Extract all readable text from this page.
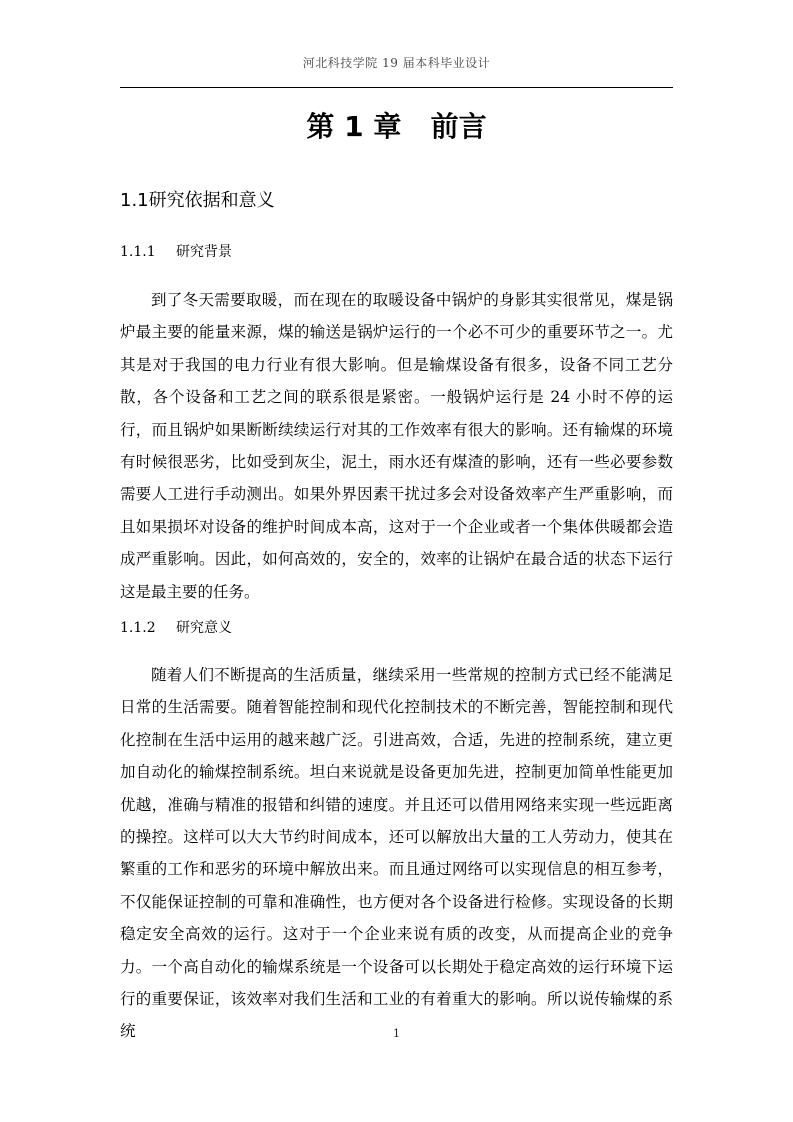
河北科技学院 19 届本科毕业设计
第 1 章   前言
1.1研究依据和意义
1.1.1 研究背景

到了冬天需要取暖，而在现在的取暖设备中锅炉的身影其实很常见，煤是锅炉最主要的能量来源，煤的输送是锅炉运行的一个必不可少的重要环节之一。尤其是对于我国的电力行业有很大影响。但是输煤设备有很多，设备不同工艺分散，各个设备和工艺之间的联系很是紧密。一般锅炉运行是 24 小时不停的运行，而且锅炉如果断断续续运行对其的工作效率有很大的影响。还有输煤的环境有时候很恶劣，比如受到灰尘，泥土，雨水还有煤渣的影响，还有一些必要参数需要人工进行手动测出。如果外界因素干扰过多会对设备效率产生严重影响，而且如果损坏对设备的维护时间成本高，这对于一个企业或者一个集体供暖都会造成严重影响。因此，如何高效的，安全的，效率的让锅炉在最合适的状态下运行这是最主要的任务。

1.1.2 研究意义

随着人们不断提高的生活质量，继续采用一些常规的控制方式已经不能满足日常的生活需要。随着智能控制和现代化控制技术的不断完善，智能控制和现代化控制在生活中运用的越来越广泛。引进高效，合适，先进的控制系统，建立更加自动化的输煤控制系统。坦白来说就是设备更加先进，控制更加简单性能更加优越，准确与精准的报错和纠错的速度。并且还可以借用网络来实现一些远距离的操控。这样可以大大节约时间成本，还可以解放出大量的工人劳动力，使其在繁重的工作和恶劣的环境中解放出来。而且通过网络可以实现信息的相互参考，不仅能保证控制的可靠和准确性，也方便对各个设备进行检修。实现设备的长期稳定安全高效的运行。这对于一个企业来说有质的改变，从而提高企业的竞争力。一个高自动化的输煤系统是一个设备可以长期处于稳定高效的运行环境下运行的重要保证，该效率对我们生活和工业的有着重大的影响。所以说传输煤的系统	1
